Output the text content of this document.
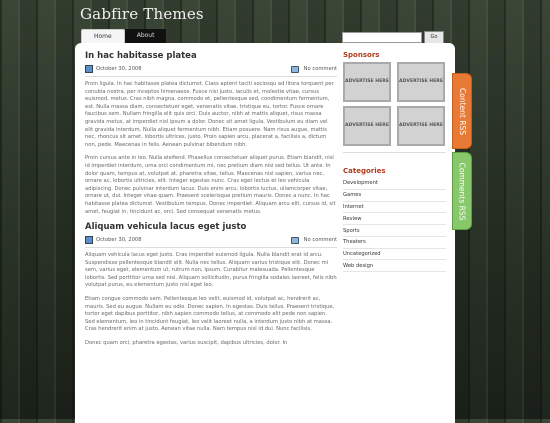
Gabfire Themes
Home	About	Go
In hac habitasse platea
October 30, 2008	No comment

Proin ligula. In hac habitasse platea dictumst. Class aptent taciti sociosqu ad litora torquent per conubia nostra, per inceptos himenaeos. Fusce nisi justo, iaculis et, molestie vitae, cursus euismod, metus. Cras nibh magna, commodo et, pellentesque sed, condimentum fermentum, est. Nulla massa diam, consectetuer eget, venenatis vitae, tristique eu, tortor. Fusce ornare faucibus sem. Nullam fringilla elit quis orci. Duis auctor, nibh at mattis aliquet, risus massa gravida metus, at imperdiet nisl ipsum a dolor. Donec sit amet ligula. Vestibulum eu diam vel elit gravida interdum. Nulla aliquet fermentum nibh. Etiam posuere. Nam risus augue, mattis nec, rhoncus sit amet, lobortis ultrices, justo. Proin sapien arcu, placerat a, facilisis a, dictum non, pede. Maecenas in felis. Aenean pulvinar bibendum nibh.

Proin cursus ante in leo. Nulla eleifend. Phasellus consectetuer aliquet purus. Etiam blandit, nisl id imperdiet interdum, urna orci condimentum mi, nec pretium diam nisi sed tellus. Ut ante. In dolor quam, tempus at, volutpat at, pharetra vitae, tellus. Maecenas nisl sapien, varius nec, ornare ac, lobortis ultricies, elit. Integer egestas nunc. Cras eget lectus et leo vehicula adipiscing. Donec pulvinar interdum lacus. Duis enim arcu, lobortis luctus, ullamcorper vitae, ornare ut, dui. Integer vitae quam. Praesent scelerisque pretium mauris. Donec a nunc. In hac habitasse platea dictumst. Vestibulum tempus. Donec imperdiet. Aliquam arcu elit, cursus id, sit amet, feugiat in, tincidunt ac, orci. Sed consequat venenatis metus.

Aliquam vehicula lacus eget justo
October 30, 2008	No comment

Aliquam vehicula lacus eget justo. Cras imperdiet euismod ligula. Nulla blandit erat id arcu. Suspendisse pellentesque blandit elit. Nulla nec tellus. Aliquam varius tristique elit. Donec mi sem, varius eget, elementum ut, rutrum non, ipsum. Curabitur malesuada. Pellentesque lobortis. Sed porttitor urna sed nisi. Aliquam sollicitudin, purus fringilla sodales laoreet, felis nibh volutpat purus, eu elementum justo nisl eget leo.

Etiam congue commodo sem. Pellentesque leo velit, euismod id, volutpat ac, hendrerit ac, mauris. Sed eu augue. Nullam eu odio. Donec sapien. In egestas. Duis tellus. Praesent tristique, tortor eget dapibus porttitor, nibh sapien commodo tellus, at commodo elit pede non sapien. Sed elementum, leo in tincidunt feugiat, leo velit laoreet nulla, a interdum justo nibh at massa. Cras hendrerit enim at justo. Aenean vitae nulla. Nam tempus nisl id dui. Nunc facilisis.

Donec quam orci, pharetra egestas, varius suscipit, dapibus ultricies, dolor. In

Sponsors
ADVERTISE HERE	ADVERTISE HERE
ADVERTISE HERE	ADVERTISE HERE
Categories
Development
Games
Internet
Review
Sports
Theaters
Uncategorized
Web design
Content RSS
Comments RSS
